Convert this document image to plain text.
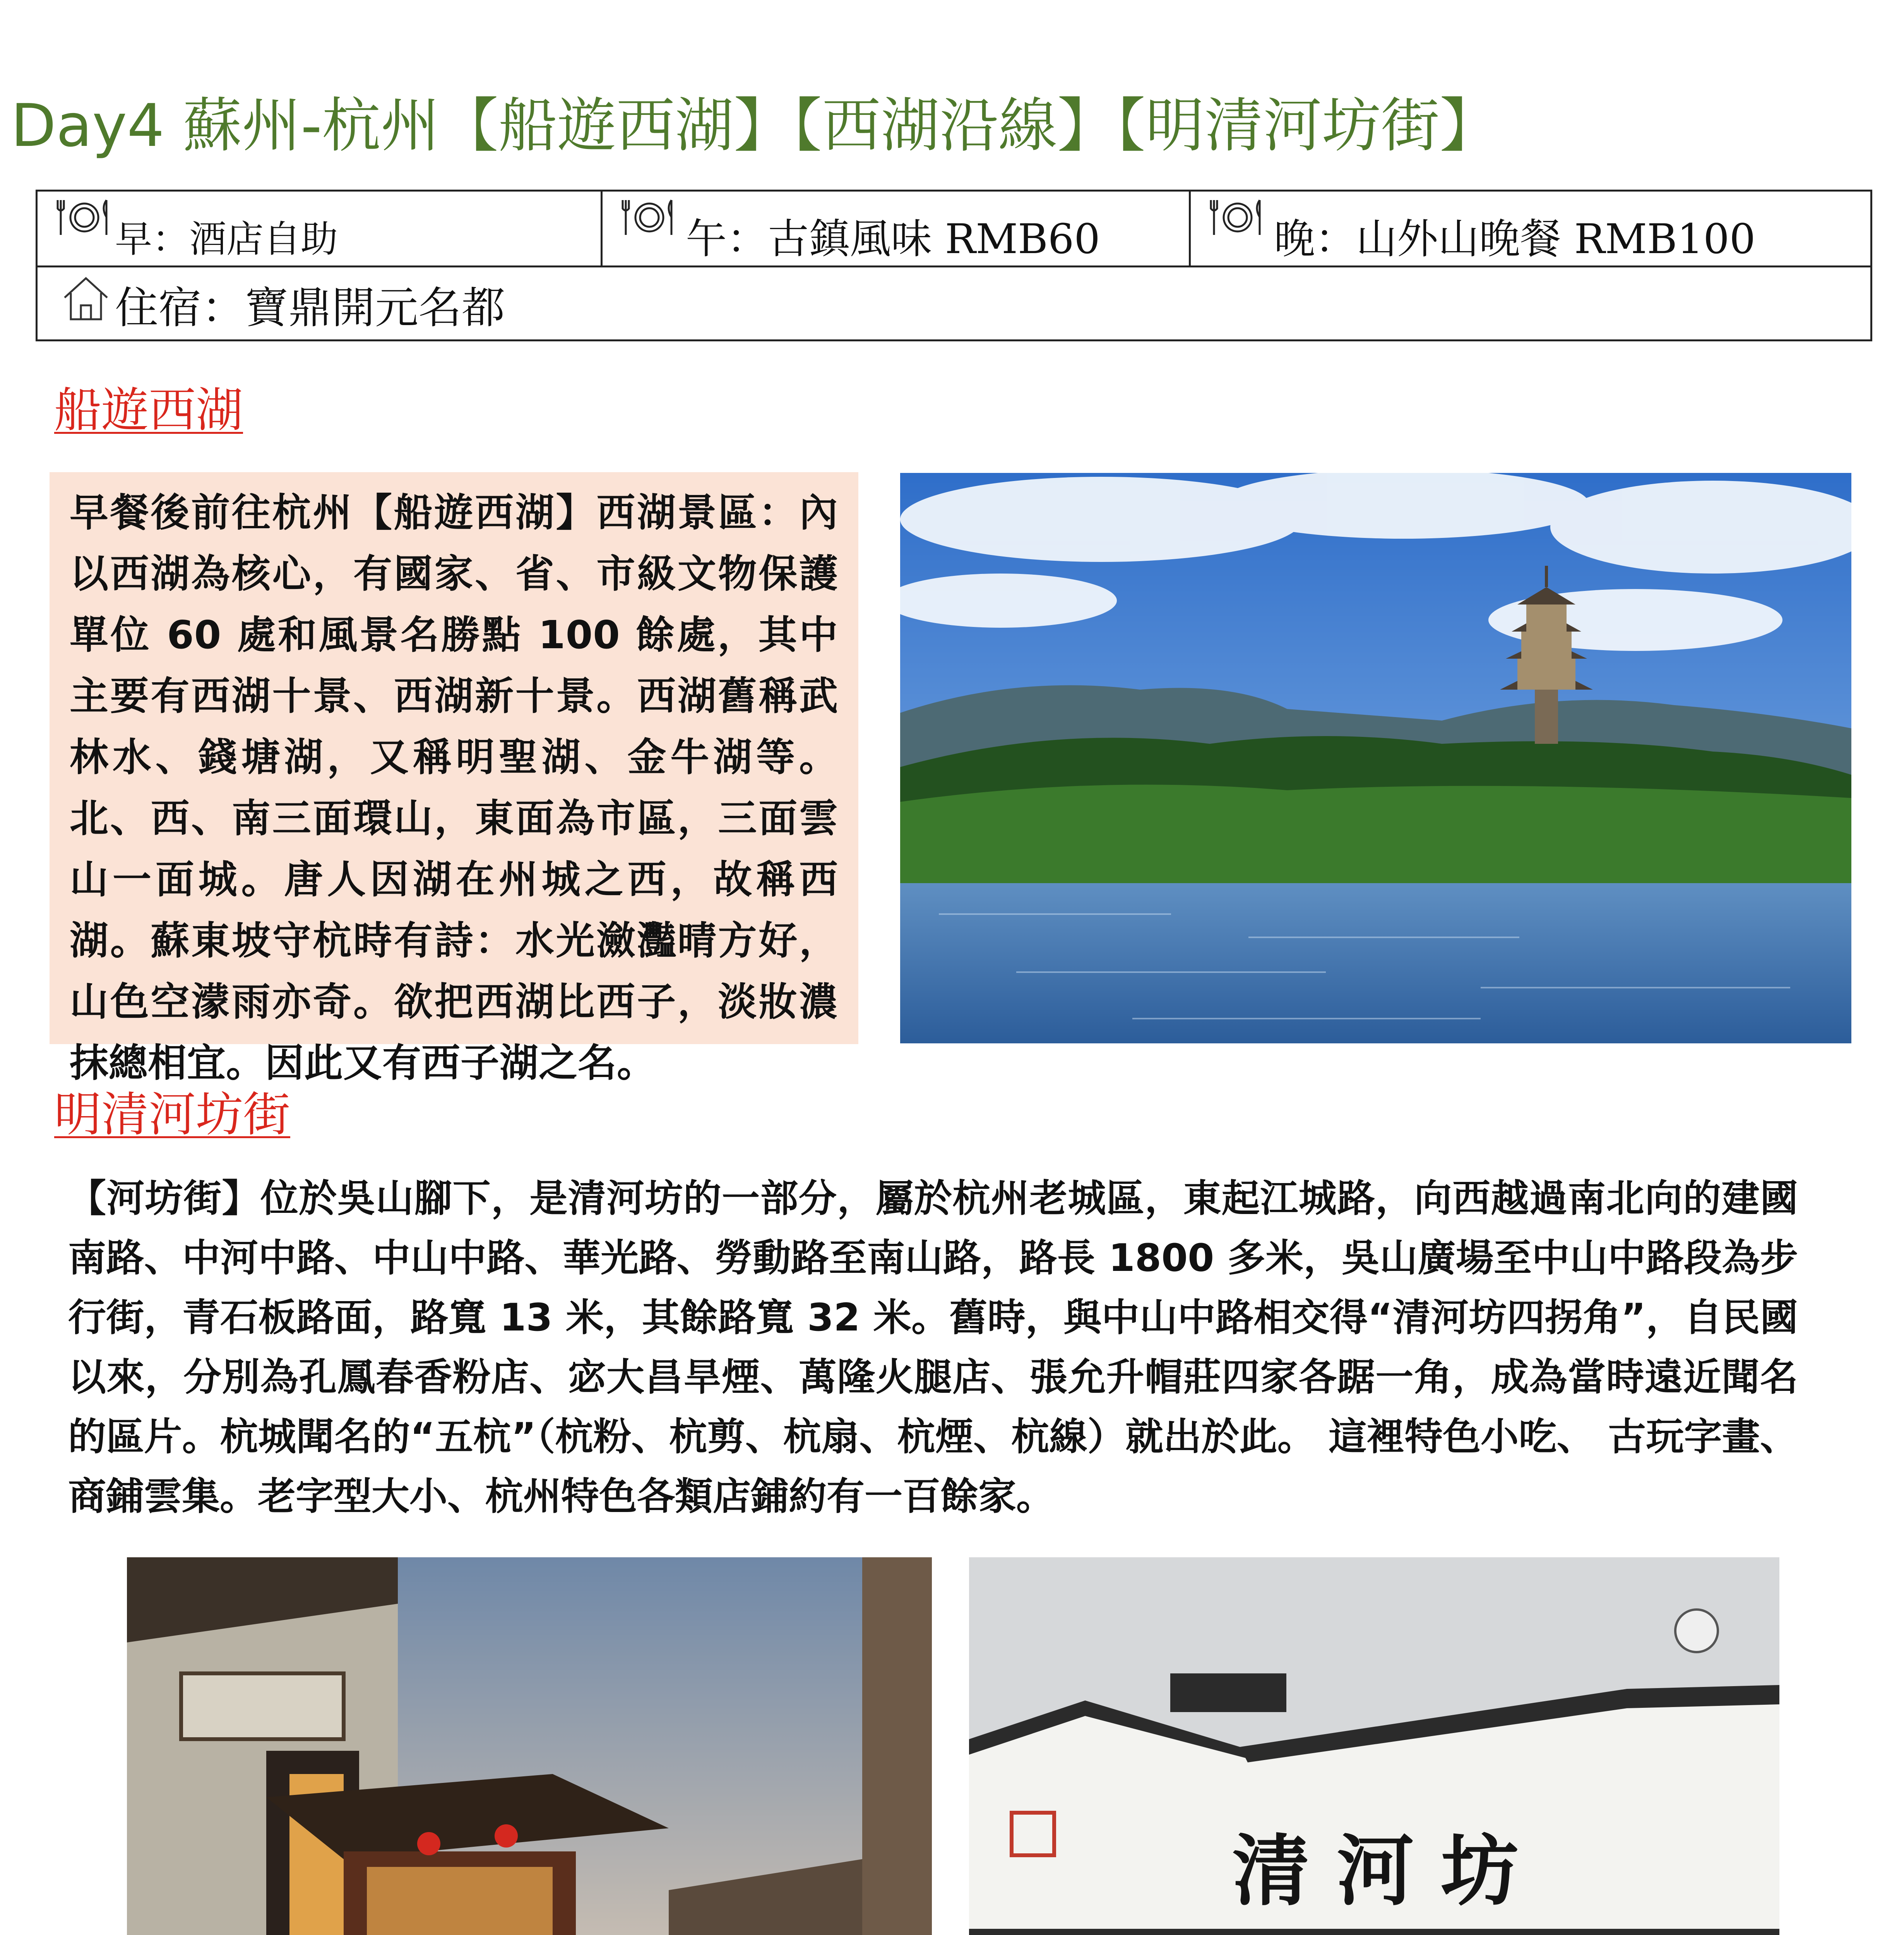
Day4 蘇州-杭州【船遊西湖】【西湖沿線】【明清河坊街】
早：酒店自助	午：古鎮風味 RMB60	晚：山外山晚餐 RMB100
住宿：寶鼎開元名都
船遊西湖

早餐後前往杭州【船遊西湖】西湖景區：內以西湖為核心，有國家、省、市級文物保護單位 60 處和風景名勝點 100 餘處，其中主要有西湖十景、西湖新十景。西湖舊稱武林水、錢塘湖，又稱明聖湖、金牛湖等。北、西、南三面環山，東面為市區，三面雲山一面城。唐人因湖在州城之西，故稱西湖。蘇東坡守杭時有詩：水光瀲灩晴方好，山色空濛雨亦奇。欲把西湖比西子，淡妝濃抹總相宜。因此又有西子湖之名。

明清河坊街

【河坊街】位於吳山腳下，是清河坊的一部分，屬於杭州老城區，東起江城路，向西越過南北向的建國南路、中河中路、中山中路、華光路、勞動路至南山路，路長 1800 多米，吳山廣場至中山中路段為步行街，青石板路面，路寬 13 米，其餘路寬 32 米。舊時，與中山中路相交得“清河坊四拐角”，自民國以來，分別為孔鳳春香粉店、宓大昌旱煙、萬隆火腿店、張允升帽莊四家各踞一角，成為當時遠近聞名的區片。杭城聞名的“五杭”（杭粉、杭剪、杭扇、杭煙、杭線）就出於此。 這裡特色小吃、 古玩字畫、商鋪雲集。老字型大小、杭州特色各類店鋪約有一百餘家。

清 河 坊
